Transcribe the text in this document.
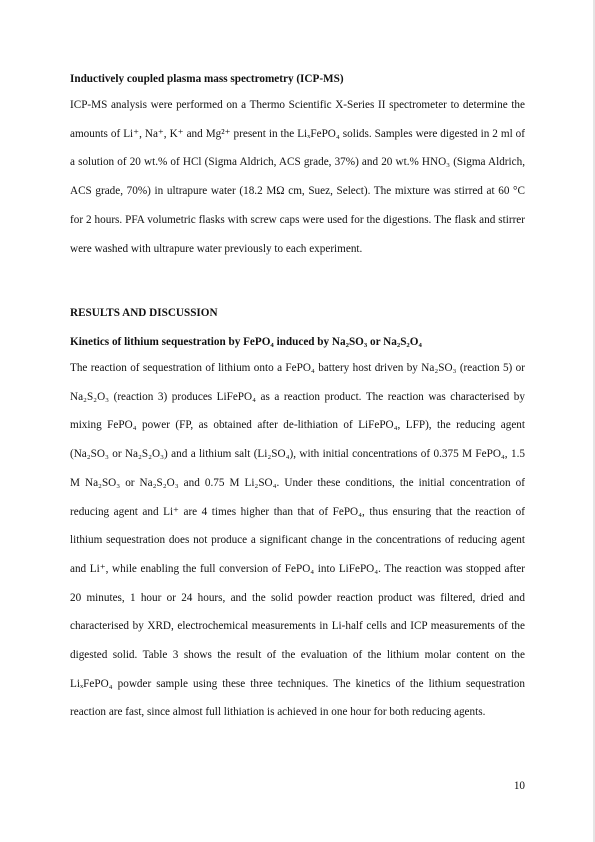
Inductively coupled plasma mass spectrometry (ICP-MS)
ICP-MS analysis were performed on a Thermo Scientific X-Series II spectrometer to determine the amounts of Li⁺, Na⁺, K⁺ and Mg²⁺ present in the LiₓFePO₄ solids. Samples were digested in 2 ml of a solution of 20 wt.% of HCl (Sigma Aldrich, ACS grade, 37%) and 20 wt.% HNO₃ (Sigma Aldrich, ACS grade, 70%) in ultrapure water (18.2 MΩ cm, Suez, Select). The mixture was stirred at 60 °C for 2 hours. PFA volumetric flasks with screw caps were used for the digestions. The flask and stirrer were washed with ultrapure water previously to each experiment.
RESULTS AND DISCUSSION
Kinetics of lithium sequestration by FePO₄ induced by Na₂SO₃ or Na₂S₂O₄
The reaction of sequestration of lithium onto a FePO₄ battery host driven by Na₂SO₃ (reaction 5) or Na₂S₂O₃ (reaction 3) produces LiFePO₄ as a reaction product. The reaction was characterised by mixing FePO₄ power (FP, as obtained after de-lithiation of LiFePO₄, LFP), the reducing agent (Na₂SO₃ or Na₂S₂O₃) and a lithium salt (Li₂SO₄), with initial concentrations of 0.375 M FePO₄, 1.5 M Na₂SO₃ or Na₂S₂O₃ and 0.75 M Li₂SO₄. Under these conditions, the initial concentration of reducing agent and Li⁺ are 4 times higher than that of FePO₄, thus ensuring that the reaction of lithium sequestration does not produce a significant change in the concentrations of reducing agent and Li⁺, while enabling the full conversion of FePO₄ into LiFePO₄. The reaction was stopped after 20 minutes, 1 hour or 24 hours, and the solid powder reaction product was filtered, dried and characterised by XRD, electrochemical measurements in Li-half cells and ICP measurements of the digested solid. Table 3 shows the result of the evaluation of the lithium molar content on the LiₓFePO₄ powder sample using these three techniques. The kinetics of the lithium sequestration reaction are fast, since almost full lithiation is achieved in one hour for both reducing agents.
10
